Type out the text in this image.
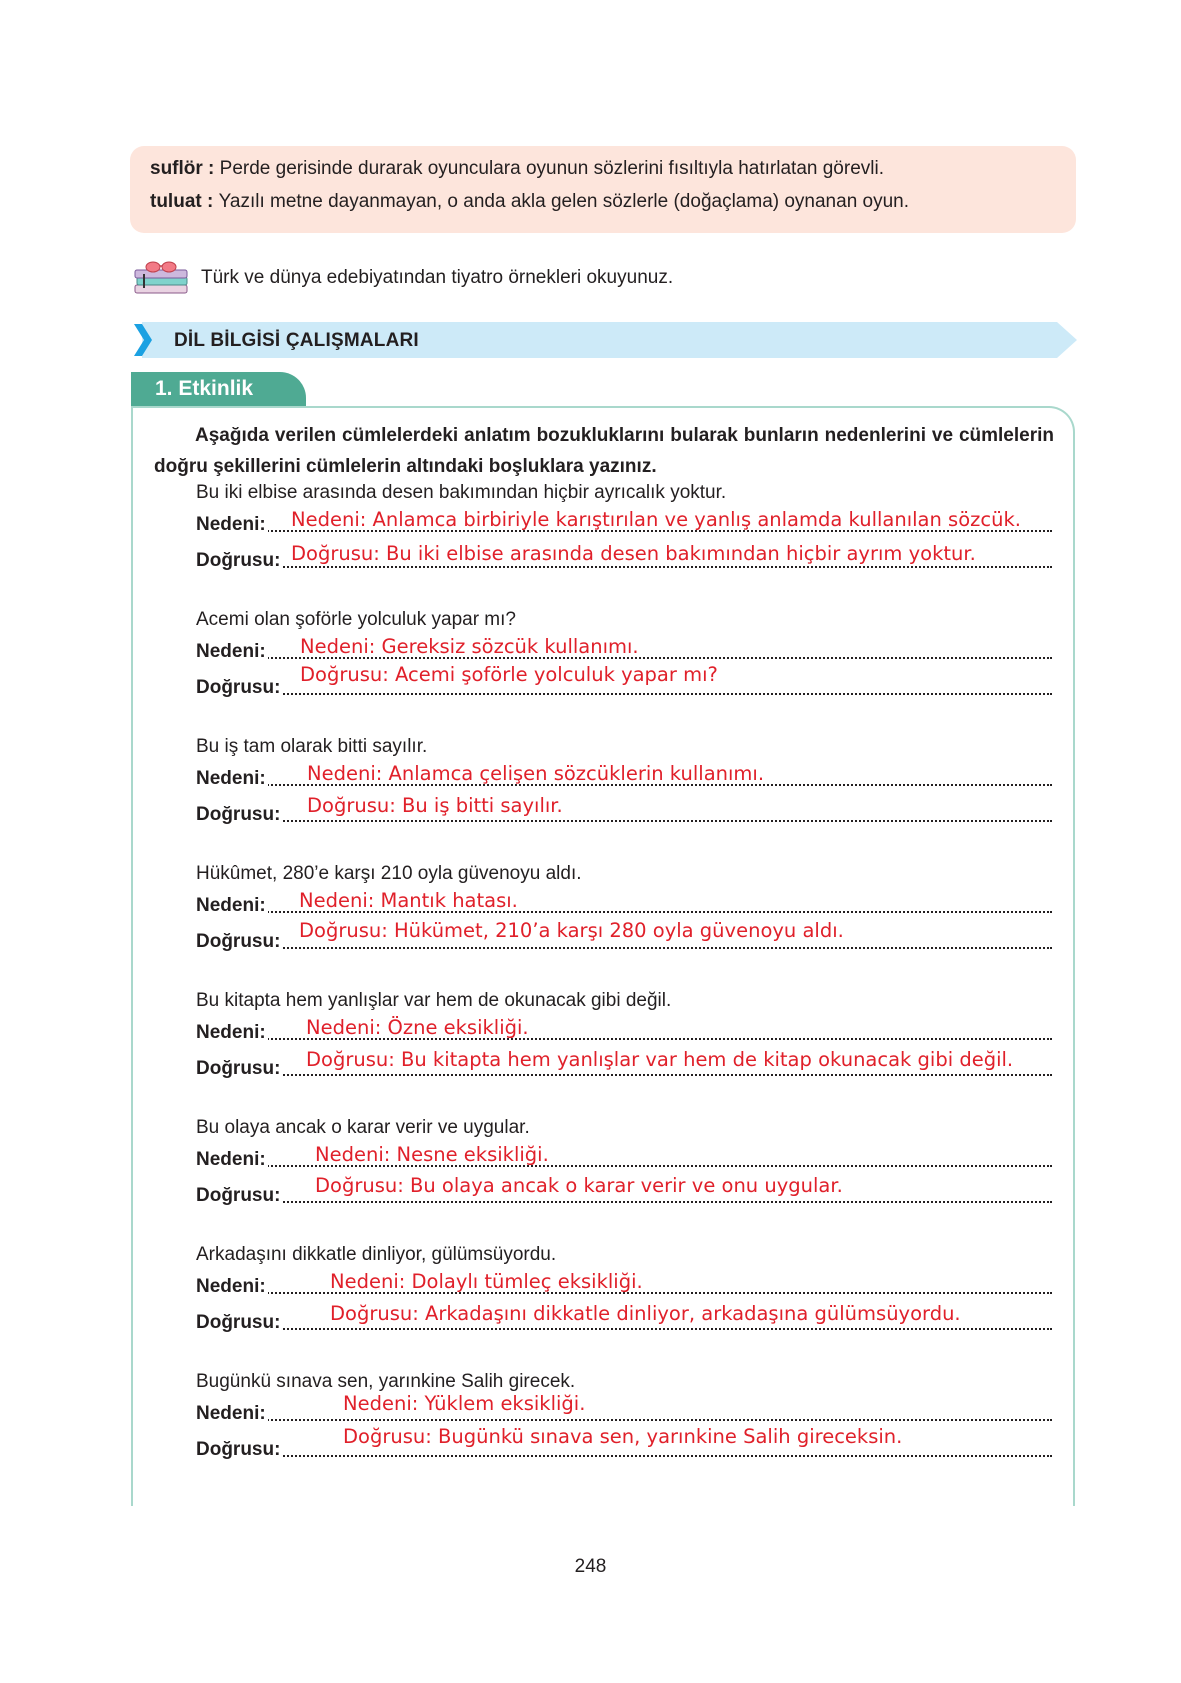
suflör : Perde gerisinde durarak oyunculara oyunun sözlerini fısıltıyla hatırlatan görevli.
tuluat : Yazılı metne dayanmayan, o anda akla gelen sözlerle (doğaçlama) oynanan oyun.
Türk ve dünya edebiyatından tiyatro örnekleri okuyunuz.
DİL BİLGİSİ ÇALIŞMALARI
1. Etkinlik
Aşağıda verilen cümlelerdeki anlatım bozukluklarını bularak bunların nedenlerini ve cümlelerin doğru şekillerini cümlelerin altındaki boşluklara yazınız.
Bu iki elbise arasında desen bakımından hiçbir ayrıcalık yoktur.
Nedeni: Nedeni: Anlamca birbiriyle karıştırılan ve yanlış anlamda kullanılan sözcük.
Doğrusu: Doğrusu: Bu iki elbise arasında desen bakımından hiçbir ayrım yoktur.
Acemi olan şoförle yolculuk yapar mı?
Nedeni: Nedeni: Gereksiz sözcük kullanımı.
Doğrusu:
Doğrusu: Acemi şoförle yolculuk yapar mı?
Bu iş tam olarak bitti sayılır.
Nedeni: Nedeni: Anlamca çelişen sözcüklerin kullanımı.
Doğrusu: Doğrusu: Bu iş bitti sayılır.
Hükûmet, 280’e karşı 210 oyla güvenoyu aldı.
Nedeni: Nedeni: Mantık hatası.
Doğrusu: Doğrusu: Hükümet, 210’a karşı 280 oyla güvenoyu aldı.
Bu kitapta hem yanlışlar var hem de okunacak gibi değil.
Nedeni: Nedeni: Özne eksikliği.
Doğrusu: Doğrusu: Bu kitapta hem yanlışlar var hem de kitap okunacak gibi değil.
Bu olaya ancak o karar verir ve uygular.
Nedeni:	Nedeni: Nesne eksikliği.
Doğrusu: Doğrusu: Bu olaya ancak o karar verir ve onu uygular.
Arkadaşını dikkatle dinliyor, gülümsüyordu.
Nedeni:	Nedeni: Dolaylı tümleç eksikliği.
Doğrusu:	Doğrusu: Arkadaşını dikkatle dinliyor, arkadaşına gülümsüyordu.
Bugünkü sınava sen, yarınkine Salih girecek.
Nedeni:	Nedeni: Yüklem eksikliği.
Doğrusu:
Doğrusu: Bugünkü sınava sen, yarınkine Salih gireceksin.
248
